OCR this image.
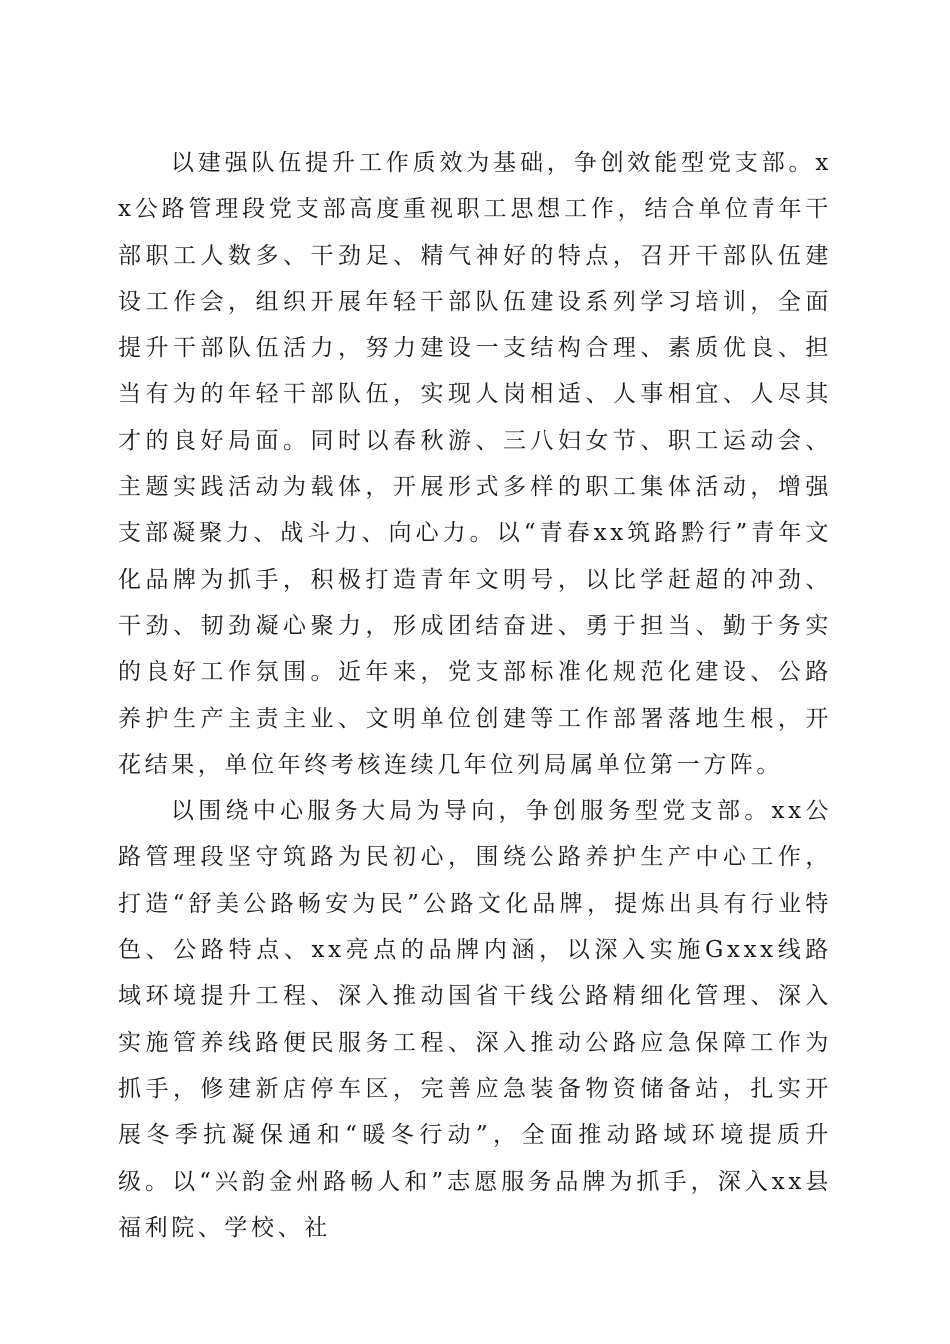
以建强队伍提升工作质效为基础，争创效能型党支部。xx公路管理段党支部高度重视职工思想工作，结合单位青年干部职工人数多、干劲足、精气神好的特点，召开干部队伍建设工作会，组织开展年轻干部队伍建设系列学习培训，全面提升干部队伍活力，努力建设一支结构合理、素质优良、担当有为的年轻干部队伍，实现人岗相适、人事相宜、人尽其才的良好局面。同时以春秋游、三八妇女节、职工运动会、主题实践活动为载体，开展形式多样的职工集体活动，增强支部凝聚力、战斗力、向心力。以“青春xx筑路黔行”青年文化品牌为抓手，积极打造青年文明号，以比学赶超的冲劲、干劲、韧劲凝心聚力，形成团结奋进、勇于担当、勤于务实的良好工作氛围。近年来，党支部标准化规范化建设、公路养护生产主责主业、文明单位创建等工作部署落地生根，开花结果，单位年终考核连续几年位列局属单位第一方阵。

以围绕中心服务大局为导向，争创服务型党支部。xx公路管理段坚守筑路为民初心，围绕公路养护生产中心工作，打造“舒美公路畅安为民”公路文化品牌，提炼出具有行业特色、公路特点、xx亮点的品牌内涵，以深入实施Gxxx线路域环境提升工程、深入推动国省干线公路精细化管理、深入实施管养线路便民服务工程、深入推动公路应急保障工作为抓手，修建新店停车区，完善应急装备物资储备站，扎实开展冬季抗凝保通和“暖冬行动”，全面推动路域环境提质升级。以“兴韵金州路畅人和”志愿服务品牌为抓手，深入xx县福利院、学校、社
